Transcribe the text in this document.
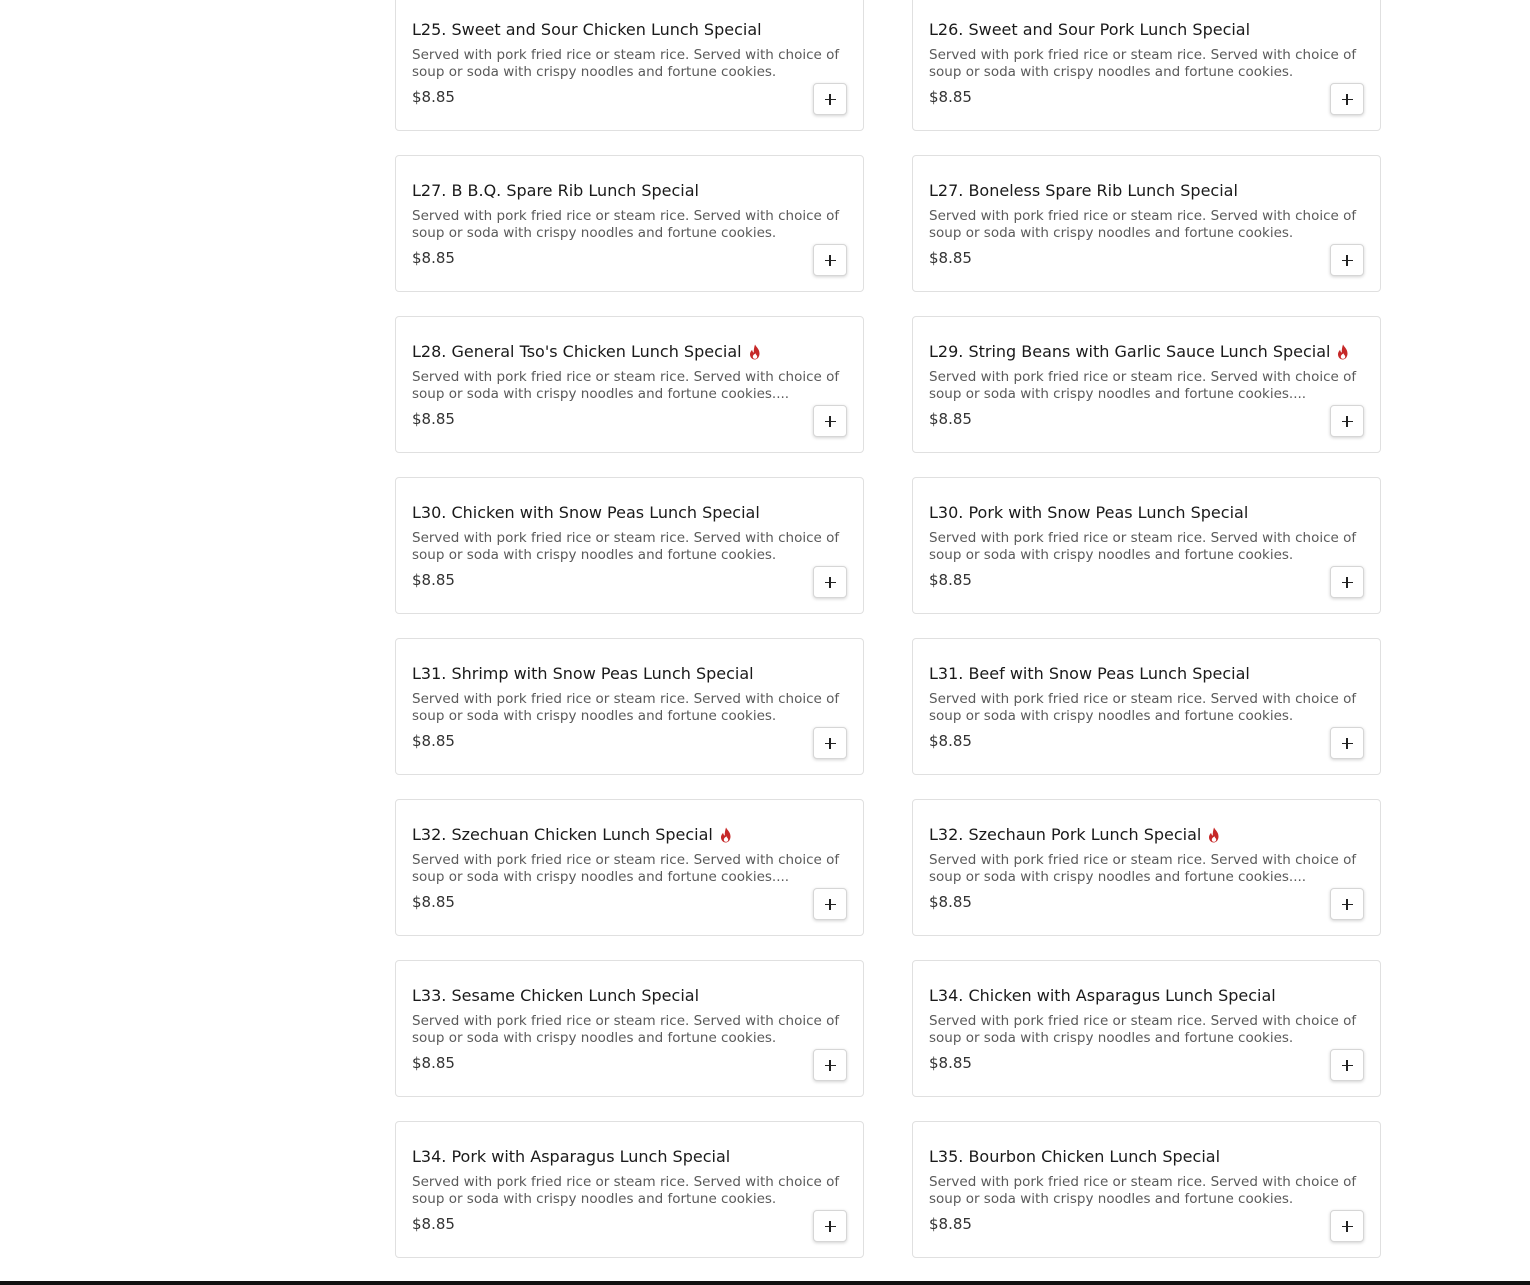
L25. Sweet and Sour Chicken Lunch Special
Served with pork fried rice or steam rice. Served with choice of soup or soda with crispy noodles and fortune cookies.
$8.85
L26. Sweet and Sour Pork Lunch Special
Served with pork fried rice or steam rice. Served with choice of soup or soda with crispy noodles and fortune cookies.
$8.85
L27. B B.Q. Spare Rib Lunch Special
Served with pork fried rice or steam rice. Served with choice of soup or soda with crispy noodles and fortune cookies.
$8.85
L27. Boneless Spare Rib Lunch Special
Served with pork fried rice or steam rice. Served with choice of soup or soda with crispy noodles and fortune cookies.
$8.85
L28. General Tso's Chicken Lunch Special
Served with pork fried rice or steam rice. Served with choice of soup or soda with crispy noodles and fortune cookies....
$8.85
L29. String Beans with Garlic Sauce Lunch Special
Served with pork fried rice or steam rice. Served with choice of soup or soda with crispy noodles and fortune cookies....
$8.85
L30. Chicken with Snow Peas Lunch Special
Served with pork fried rice or steam rice. Served with choice of soup or soda with crispy noodles and fortune cookies.
$8.85
L30. Pork with Snow Peas Lunch Special
Served with pork fried rice or steam rice. Served with choice of soup or soda with crispy noodles and fortune cookies.
$8.85
L31. Shrimp with Snow Peas Lunch Special
Served with pork fried rice or steam rice. Served with choice of soup or soda with crispy noodles and fortune cookies.
$8.85
L31. Beef with Snow Peas Lunch Special
Served with pork fried rice or steam rice. Served with choice of soup or soda with crispy noodles and fortune cookies.
$8.85
L32. Szechuan Chicken Lunch Special
Served with pork fried rice or steam rice. Served with choice of soup or soda with crispy noodles and fortune cookies....
$8.85
L32. Szechaun Pork Lunch Special
Served with pork fried rice or steam rice. Served with choice of soup or soda with crispy noodles and fortune cookies....
$8.85
L33. Sesame Chicken Lunch Special
Served with pork fried rice or steam rice. Served with choice of soup or soda with crispy noodles and fortune cookies.
$8.85
L34. Chicken with Asparagus Lunch Special
Served with pork fried rice or steam rice. Served with choice of soup or soda with crispy noodles and fortune cookies.
$8.85
L34. Pork with Asparagus Lunch Special
Served with pork fried rice or steam rice. Served with choice of soup or soda with crispy noodles and fortune cookies.
$8.85
L35. Bourbon Chicken Lunch Special
Served with pork fried rice or steam rice. Served with choice of soup or soda with crispy noodles and fortune cookies.
$8.85
